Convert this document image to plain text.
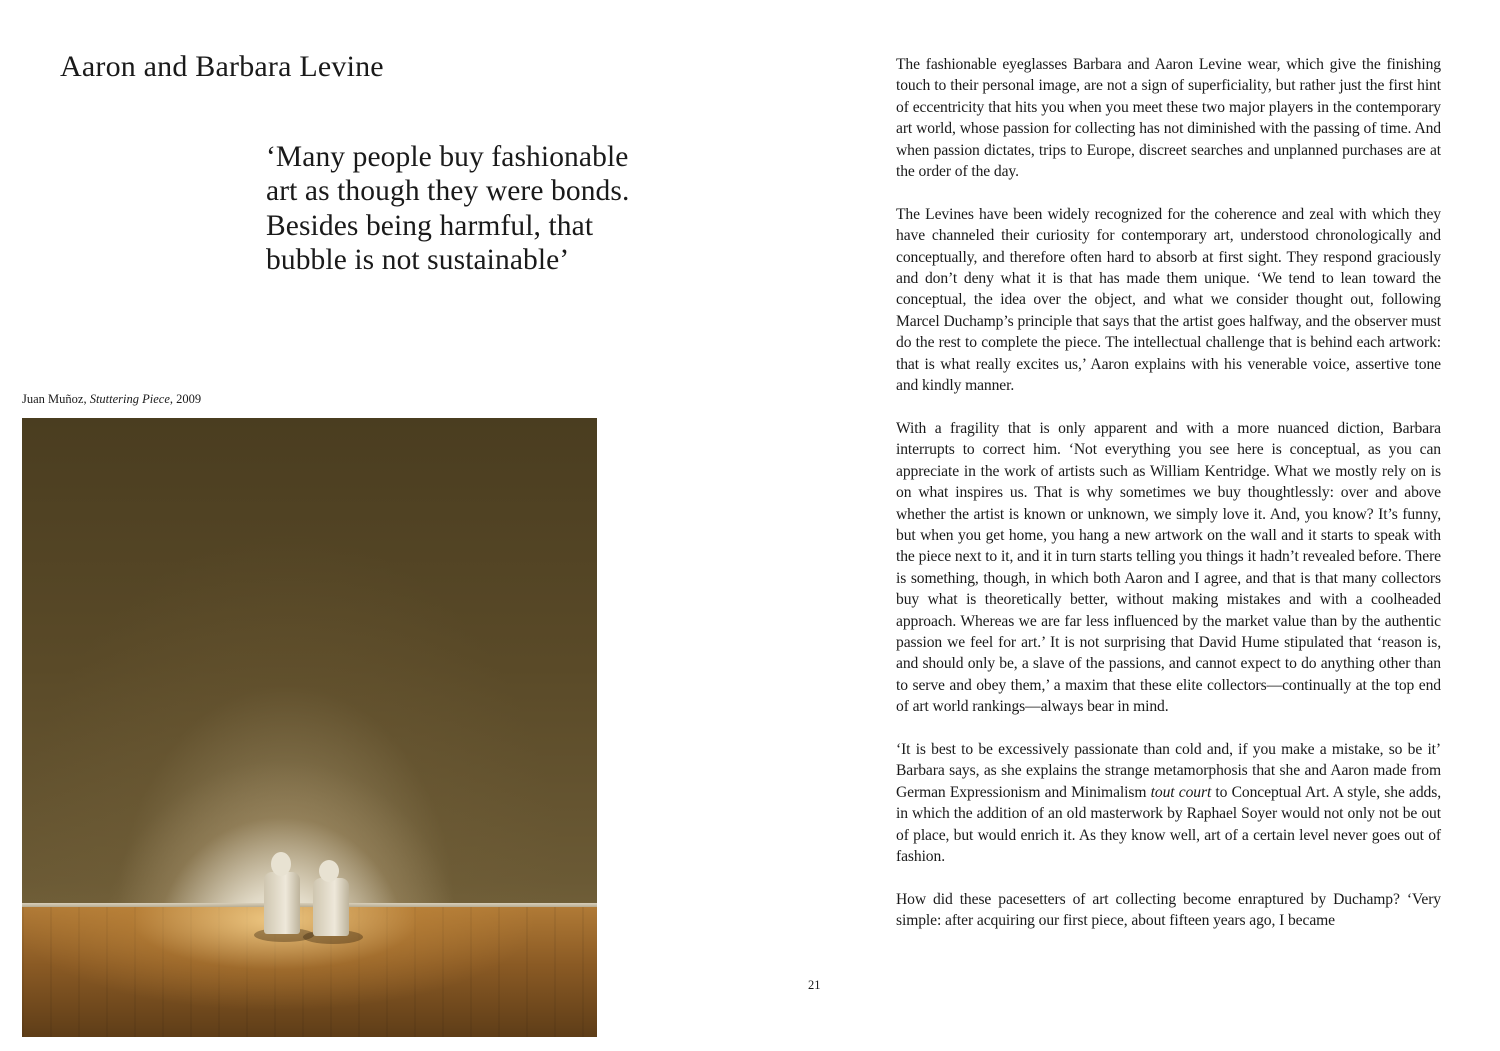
Aaron and Barbara Levine

‘Many people buy fashionable art as though they were bonds. Besides being harmful, that bubble is not sustainable’

Juan Muñoz, Stuttering Piece, 2009

21

The fashionable eyeglasses Barbara and Aaron Levine wear, which give the finishing touch to their personal image, are not a sign of superficiality, but rather just the first hint of eccentricity that hits you when you meet these two major players in the contemporary art world, whose passion for collecting has not diminished with the passing of time. And when passion dictates, trips to Europe, discreet searches and unplanned purchases are at the order of the day.

The Levines have been widely recognized for the coherence and zeal with which they have channeled their curiosity for contemporary art, understood chronologically and conceptually, and therefore often hard to absorb at first sight. They respond graciously and don’t deny what it is that has made them unique. ‘We tend to lean toward the conceptual, the idea over the object, and what we consider thought out, following Marcel Duchamp’s principle that says that the artist goes halfway, and the observer must do the rest to complete the piece. The intellectual challenge that is behind each artwork: that is what really excites us,’ Aaron explains with his venerable voice, assertive tone and kindly manner.

With a fragility that is only apparent and with a more nuanced diction, Barbara interrupts to correct him. ‘Not everything you see here is conceptual, as you can appreciate in the work of artists such as William Kentridge. What we mostly rely on is on what inspires us. That is why sometimes we buy thoughtlessly: over and above whether the artist is known or unknown, we simply love it. And, you know? It’s funny, but when you get home, you hang a new artwork on the wall and it starts to speak with the piece next to it, and it in turn starts telling you things it hadn’t revealed before. There is something, though, in which both Aaron and I agree, and that is that many collectors buy what is theoretically better, without making mistakes and with a coolheaded approach. Whereas we are far less influenced by the market value than by the authentic passion we feel for art.’ It is not surprising that David Hume stipulated that ‘reason is, and should only be, a slave of the passions, and cannot expect to do anything other than to serve and obey them,’ a maxim that these elite collectors—continually at the top end of art world rankings—always bear in mind.

‘It is best to be excessively passionate than cold and, if you make a mistake, so be it’ Barbara says, as she explains the strange metamorphosis that she and Aaron made from German Expressionism and Minimalism tout court to Conceptual Art. A style, she adds, in which the addition of an old masterwork by Raphael Soyer would not only not be out of place, but would enrich it. As they know well, art of a certain level never goes out of fashion.

How did these pacesetters of art collecting become enraptured by Duchamp? ‘Very simple: after acquiring our first piece, about fifteen years ago, I became
